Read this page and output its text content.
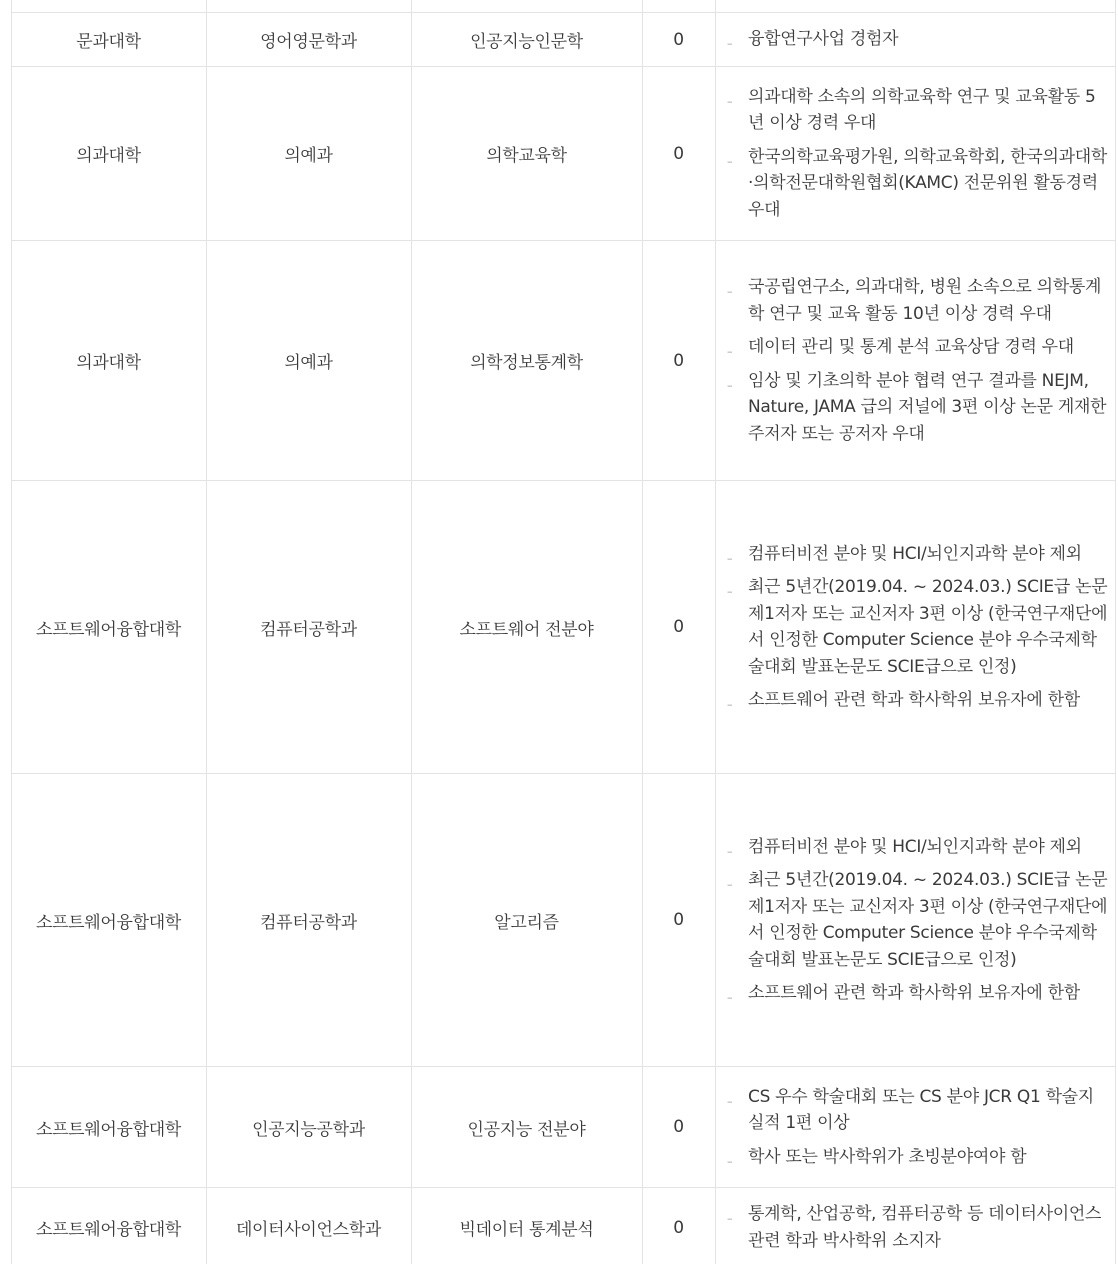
문과대학	영어영문학과	인공지능인문학	0	– 융합연구사업 경험자
의과대학	의예과	의학교육학	0
– 의과대학 소속의 의학교육학 연구 및 교육활동 5년 이상 경력 우대
– 한국의학교육평가원, 의학교육학회, 한국의과대학·의학전문대학원협회(KAMC) 전문위원 활동경력 우대
의과대학	의예과	의학정보통계학	0
– 국공립연구소, 의과대학, 병원 소속으로 의학통계학 연구 및 교육 활동 10년 이상 경력 우대
– 데이터 관리 및 통계 분석 교육상담 경력 우대
– 임상 및 기초의학 분야 협력 연구 결과를 NEJM, Nature, JAMA 급의 저널에 3편 이상 논문 게재한 주저자 또는 공저자 우대
소프트웨어융합대학	컴퓨터공학과	소프트웨어 전분야	0
– 컴퓨터비전 분야 및 HCI/뇌인지과학 분야 제외
– 최근 5년간(2019.04. ~ 2024.03.) SCIE급 논문 제1저자 또는 교신저자 3편 이상 (한국연구재단에서 인정한 Computer Science 분야 우수국제학술대회 발표논문도 SCIE급으로 인정)
– 소프트웨어 관련 학과 학사학위 보유자에 한함
소프트웨어융합대학	컴퓨터공학과	알고리즘	0
– 컴퓨터비전 분야 및 HCI/뇌인지과학 분야 제외
– 최근 5년간(2019.04. ~ 2024.03.) SCIE급 논문 제1저자 또는 교신저자 3편 이상 (한국연구재단에서 인정한 Computer Science 분야 우수국제학술대회 발표논문도 SCIE급으로 인정)
– 소프트웨어 관련 학과 학사학위 보유자에 한함
소프트웨어융합대학	인공지능공학과	인공지능 전분야	0
– CS 우수 학술대회 또는 CS 분야 JCR Q1 학술지 실적 1편 이상
– 학사 또는 박사학위가 초빙분야여야 함
소프트웨어융합대학	데이터사이언스학과	빅데이터 통계분석	0	– 통계학, 산업공학, 컴퓨터공학 등 데이터사이언스 관련 학과 박사학위 소지자
